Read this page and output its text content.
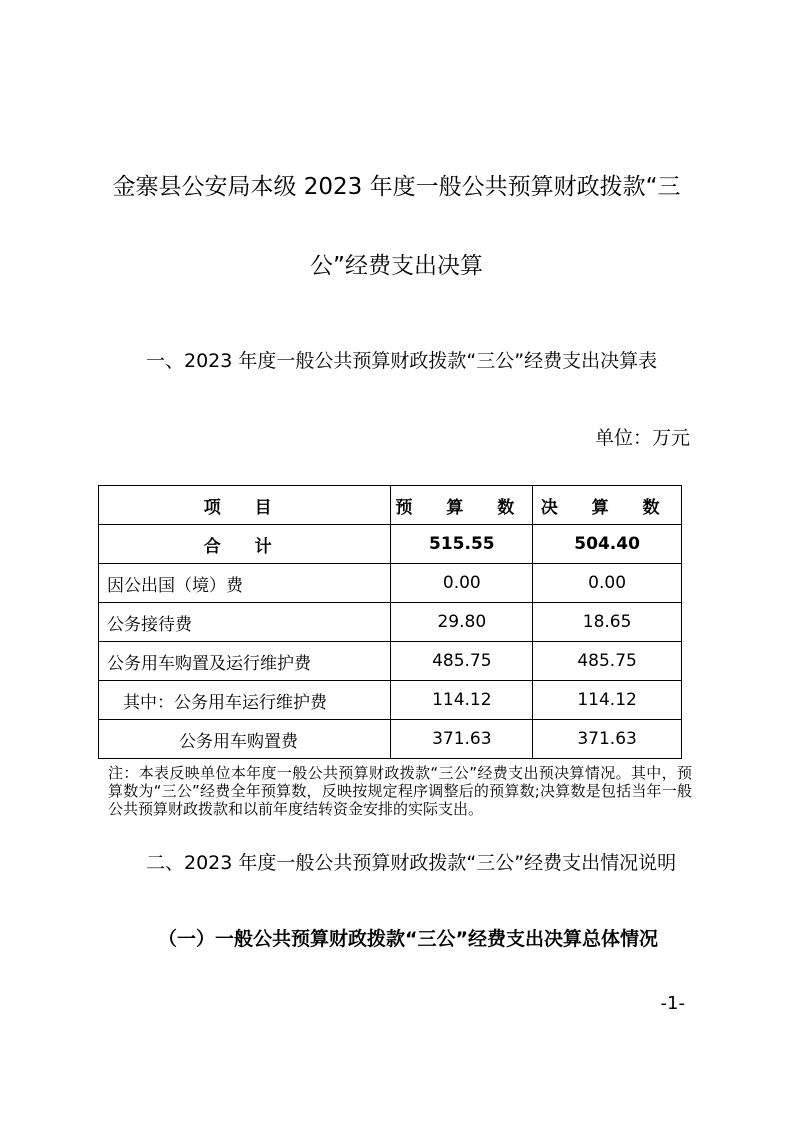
金寨县公安局本级 2023 年度一般公共预算财政拨款“三
公”经费支出决算

一、2023 年度一般公共预算财政拨款“三公”经费支出决算表

单位：万元

项 目	预 算 数	决 算 数
合 计	515.55	504.40
因公出国（境）费	0.00	0.00
公务接待费	29.80	18.65
公务用车购置及运行维护费	485.75	485.75
其中：公务用车运行维护费	114.12	114.12
公务用车购置费	371.63	371.63

注：本表反映单位本年度一般公共预算财政拨款“三公”经费支出预决算情况。其中，预算数为“三公”经费全年预算数，反映按规定程序调整后的预算数;决算数是包括当年一般公共预算财政拨款和以前年度结转资金安排的实际支出。

二、2023 年度一般公共预算财政拨款“三公”经费支出情况说明

（一）一般公共预算财政拨款“三公”经费支出决算总体情况

-1-
